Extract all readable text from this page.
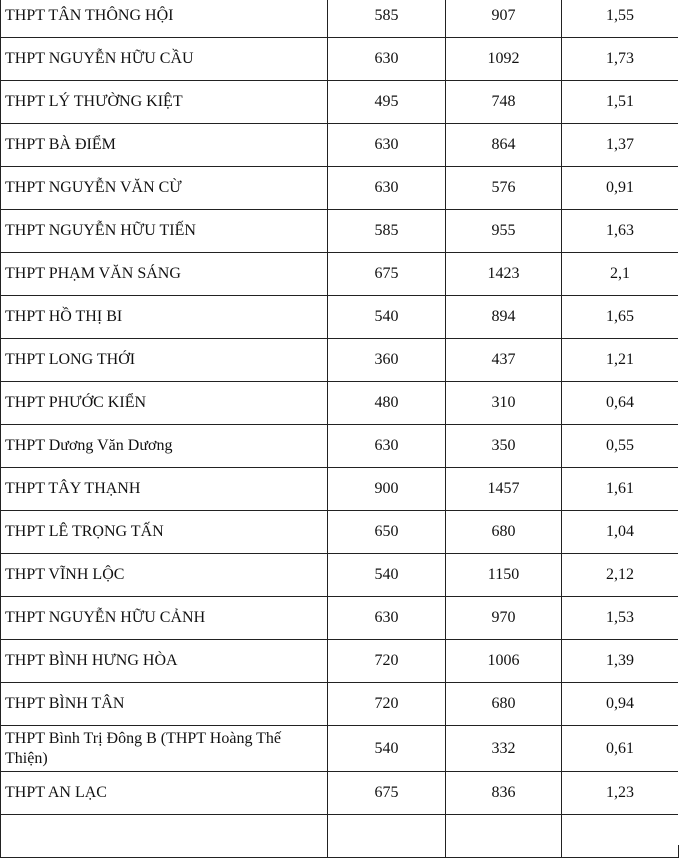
THPT TÂN THÔNG HỘI	585	907	1,55
THPT NGUYỄN HỮU CẦU	630	1092	1,73
THPT LÝ THƯỜNG KIỆT	495	748	1,51
THPT BÀ ĐIỂM	630	864	1,37
THPT NGUYỄN VĂN CỪ	630	576	0,91
THPT NGUYỄN HỮU TIẾN	585	955	1,63
THPT PHẠM VĂN SÁNG	675	1423	2,1
THPT HỒ THỊ BI	540	894	1,65
THPT LONG THỚI	360	437	1,21
THPT PHƯỚC KIỂN	480	310	0,64
THPT Dương Văn Dương	630	350	0,55
THPT TÂY THẠNH	900	1457	1,61
THPT LÊ TRỌNG TẤN	650	680	1,04
THPT VĨNH LỘC	540	1150	2,12
THPT NGUYỄN HỮU CẢNH	630	970	1,53
THPT BÌNH HƯNG HÒA	720	1006	1,39
THPT BÌNH TÂN	720	680	0,94
THPT Bình Trị Đông B (THPT Hoàng Thế Thiện)	540	332	0,61
THPT AN LẠC	675	836	1,23
